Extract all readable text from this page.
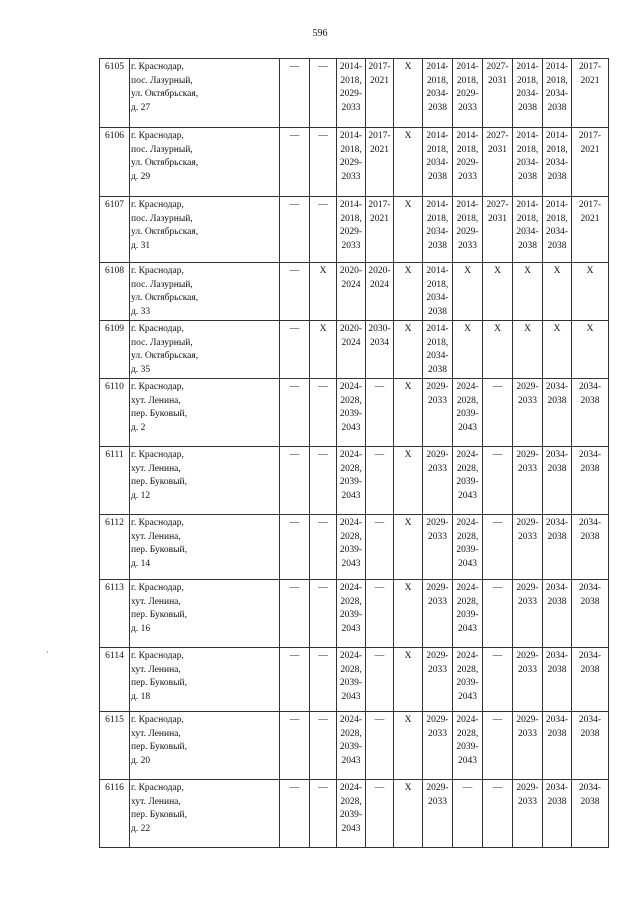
596
·
6105	г. Краснодар,
пос. Лазурный,
ул. Октябрьская,
д. 27	—	—	2014-
2018,
2029-
2033	2017-
2021	X	2014-
2018,
2034-
2038	2014-
2018,
2029-
2033	2027-
2031	2014-
2018,
2034-
2038	2014-
2018,
2034-
2038	2017-
2021
6106	г. Краснодар,
пос. Лазурный,
ул. Октябрьская,
д. 29	—	—	2014-
2018,
2029-
2033	2017-
2021	X	2014-
2018,
2034-
2038	2014-
2018,
2029-
2033	2027-
2031	2014-
2018,
2034-
2038	2014-
2018,
2034-
2038	2017-
2021
6107	г. Краснодар,
пос. Лазурный,
ул. Октябрьская,
д. 31	—	—	2014-
2018,
2029-
2033	2017-
2021	X	2014-
2018,
2034-
2038	2014-
2018,
2029-
2033	2027-
2031	2014-
2018,
2034-
2038	2014-
2018,
2034-
2038	2017-
2021
6108	г. Краснодар,
пос. Лазурный,
ул. Октябрьская,
д. 33	—	X	2020-
2024	2020-
2024	X	2014-
2018,
2034-
2038	X	X	X	X	X
6109	г. Краснодар,
пос. Лазурный,
ул. Октябрьская,
д. 35	—	X	2020-
2024	2030-
2034	X	2014-
2018,
2034-
2038	X	X	X	X	X
6110	г. Краснодар,
хут. Ленина,
пер. Буковый,
д. 2	—	—	2024-
2028,
2039-
2043	—	X	2029-
2033	2024-
2028,
2039-
2043	—	2029-
2033	2034-
2038	2034-
2038
6111	г. Краснодар,
хут. Ленина,
пер. Буковый,
д. 12	—	—	2024-
2028,
2039-
2043	—	X	2029-
2033	2024-
2028,
2039-
2043	—	2029-
2033	2034-
2038	2034-
2038
6112	г. Краснодар,
хут. Ленина,
пер. Буковый,
д. 14	—	—	2024-
2028,
2039-
2043	—	X	2029-
2033	2024-
2028,
2039-
2043	—	2029-
2033	2034-
2038	2034-
2038
6113	г. Краснодар,
хут. Ленина,
пер. Буковый,
д. 16	—	—	2024-
2028,
2039-
2043	—	X	2029-
2033	2024-
2028,
2039-
2043	—	2029-
2033	2034-
2038	2034-
2038
6114	г. Краснодар,
хут. Ленина,
пер. Буковый,
д. 18	—	—	2024-
2028,
2039-
2043	—	X	2029-
2033	2024-
2028,
2039-
2043	—	2029-
2033	2034-
2038	2034-
2038
6115	г. Краснодар,
хут. Ленина,
пер. Буковый,
д. 20	—	—	2024-
2028,
2039-
2043	—	X	2029-
2033	2024-
2028,
2039-
2043	—	2029-
2033	2034-
2038	2034-
2038
6116	г. Краснодар,
хут. Ленина,
пер. Буковый,
д. 22	—	—	2024-
2028,
2039-
2043	—	X	2029-
2033	—	—	2029-
2033	2034-
2038	2034-
2038
